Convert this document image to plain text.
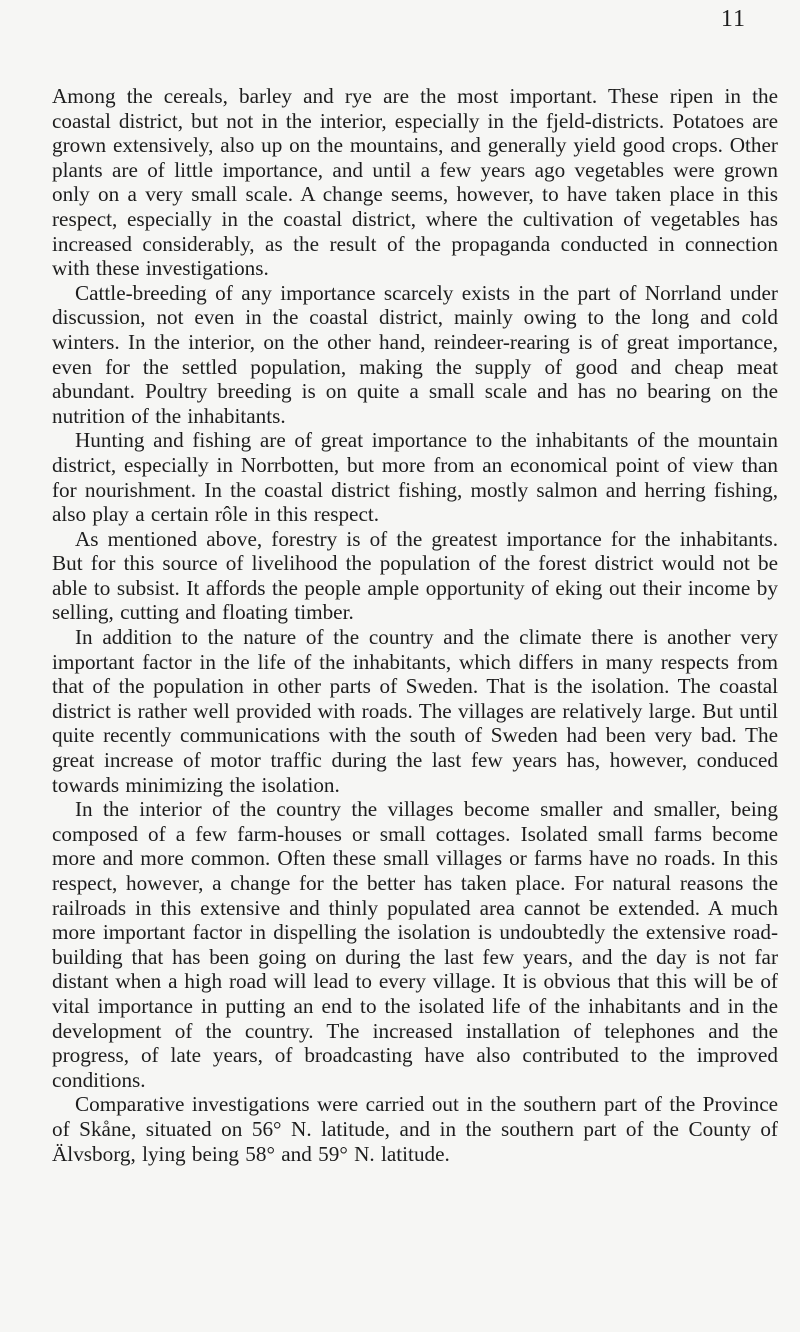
11

Among the cereals, barley and rye are the most important. These ripen in the coastal district, but not in the interior, especially in the fjeld-districts. Potatoes are grown extensively, also up on the mountains, and generally yield good crops. Other plants are of little importance, and until a few years ago vegetables were grown only on a very small scale. A change seems, however, to have taken place in this respect, especially in the coastal district, where the cultivation of vegetables has increased considerably, as the result of the propaganda conducted in connection with these investigations.

Cattle-breeding of any importance scarcely exists in the part of Norrland under discussion, not even in the coastal district, mainly owing to the long and cold winters. In the interior, on the other hand, reindeer-rearing is of great importance, even for the settled population, making the supply of good and cheap meat abundant. Poultry breeding is on quite a small scale and has no bearing on the nutrition of the inhabitants.

Hunting and fishing are of great importance to the inhabitants of the mountain district, especially in Norrbotten, but more from an economical point of view than for nourishment. In the coastal district fishing, mostly salmon and herring fishing, also play a certain rôle in this respect.

As mentioned above, forestry is of the greatest importance for the inhabitants. But for this source of livelihood the population of the forest district would not be able to subsist. It affords the people ample opportunity of eking out their income by selling, cutting and floating timber.

In addition to the nature of the country and the climate there is another very important factor in the life of the inhabitants, which differs in many respects from that of the population in other parts of Sweden. That is the isolation. The coastal district is rather well provided with roads. The villages are relatively large. But until quite recently communications with the south of Sweden had been very bad. The great increase of motor traffic during the last few years has, however, conduced towards minimizing the isolation.

In the interior of the country the villages become smaller and smaller, being composed of a few farm-houses or small cottages. Isolated small farms become more and more common. Often these small villages or farms have no roads. In this respect, however, a change for the better has taken place. For natural reasons the railroads in this extensive and thinly populated area cannot be extended. A much more important factor in dispelling the isolation is undoubtedly the extensive road-building that has been going on during the last few years, and the day is not far distant when a high road will lead to every village. It is obvious that this will be of vital importance in putting an end to the isolated life of the inhabitants and in the development of the country. The increased installation of telephones and the progress, of late years, of broadcasting have also contributed to the improved conditions.

Comparative investigations were carried out in the southern part of the Province of Skåne, situated on 56° N. latitude, and in the southern part of the County of Älvsborg, lying being 58° and 59° N. latitude.
